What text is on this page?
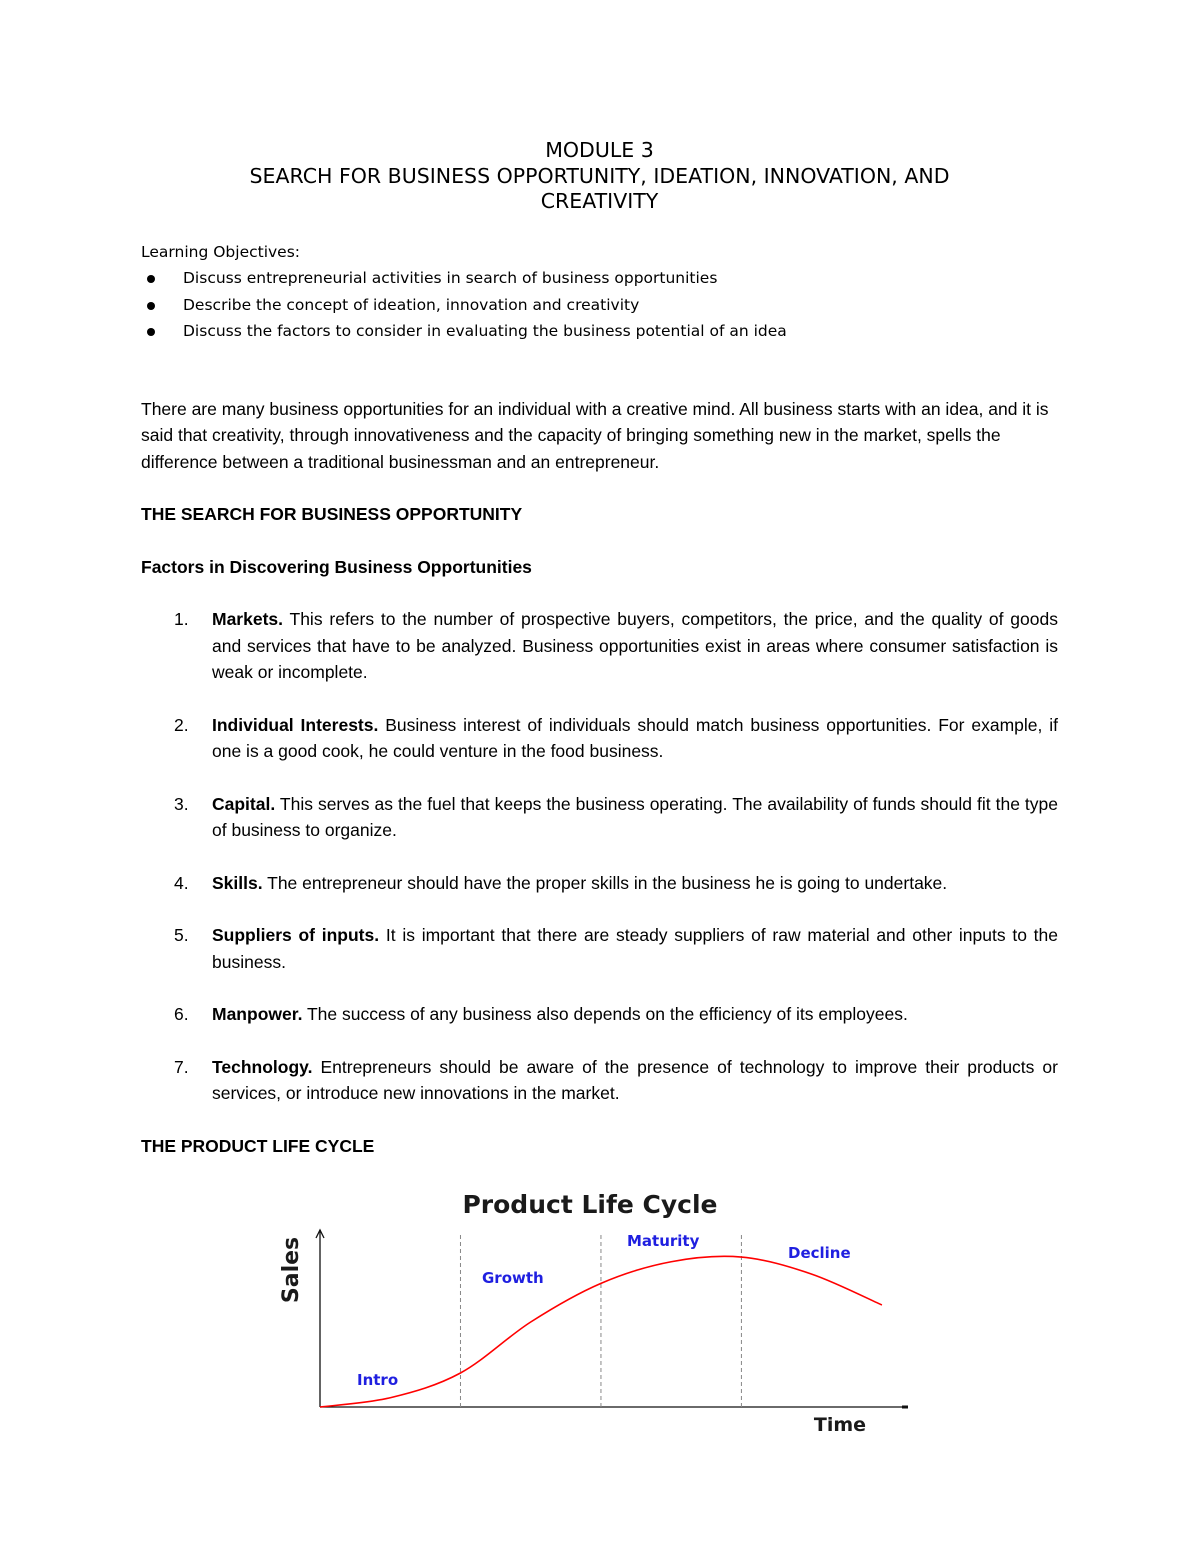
MODULE 3
SEARCH FOR BUSINESS OPPORTUNITY, IDEATION, INNOVATION, AND
CREATIVITY
Learning Objectives:
Discuss entrepreneurial activities in search of business opportunities
Describe the concept of ideation, innovation and creativity
Discuss the factors to consider in evaluating the business potential of an idea

There are many business opportunities for an individual with a creative mind. All business starts with an idea, and it is said that creativity, through innovativeness and the capacity of bringing something new in the market, spells the difference between a traditional businessman and an entrepreneur.

THE SEARCH FOR BUSINESS OPPORTUNITY
Factors in Discovering Business Opportunities
1. Markets. This refers to the number of prospective buyers, competitors, the price, and the quality of goods and services that have to be analyzed. Business opportunities exist in areas where consumer satisfaction is weak or incomplete.
2. Individual Interests. Business interest of individuals should match business opportunities. For example, if one is a good cook, he could venture in the food business.
3. Capital. This serves as the fuel that keeps the business operating. The availability of funds should fit the type of business to organize.
4. Skills. The entrepreneur should have the proper skills in the business he is going to undertake.
5. Suppliers of inputs. It is important that there are steady suppliers of raw material and other inputs to the business.
6. Manpower. The success of any business also depends on the efficiency of its employees.
7. Technology. Entrepreneurs should be aware of the presence of technology to improve their products or services, or introduce new innovations in the market.
THE PRODUCT LIFE CYCLE
Product Life Cycle
Sales
Time
Intro
Growth
Maturity
Decline
